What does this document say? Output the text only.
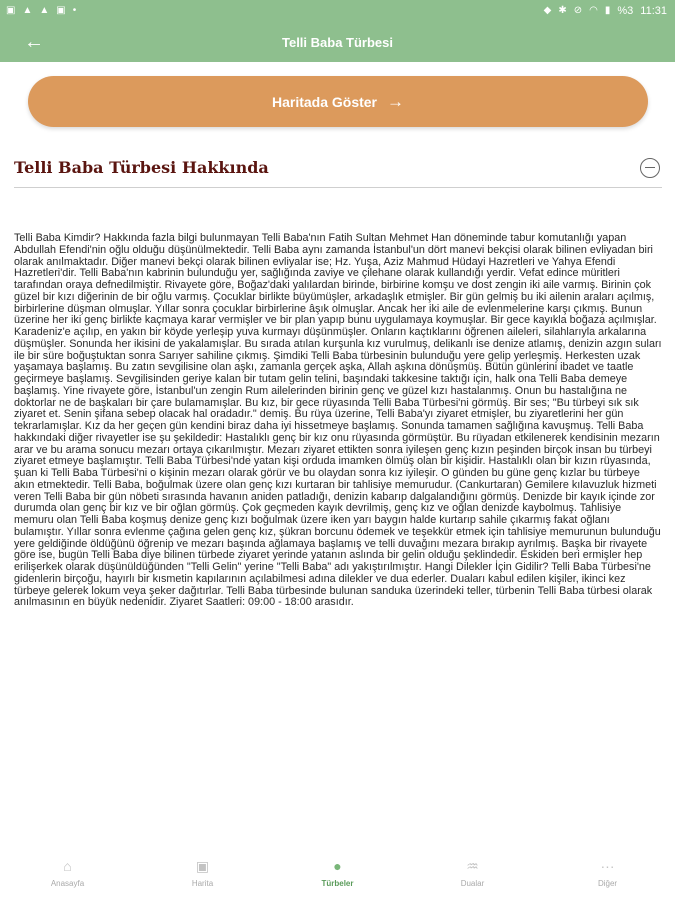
▣ ▲ ▲ ▣ •	◆ ✱ ⊘ ◠ ▮ %3 11:31
←	Telli Baba Türbesi
Haritada Göster →
Telli Baba Türbesi Hakkında
Telli Baba Kimdir? Hakkında fazla bilgi bulunmayan Telli Baba'nın Fatih Sultan Mehmet Han döneminde tabur komutanlığı yapan Abdullah Efendi'nin oğlu olduğu düşünülmektedir. Telli Baba aynı zamanda İstanbul'un dört manevi bekçisi olarak bilinen evliyadan biri olarak anılmaktadır. Diğer manevi bekçi olarak bilinen evliyalar ise; Hz. Yuşa, Aziz Mahmud Hüdayi Hazretleri ve Yahya Efendi Hazretleri'dir. Telli Baba'nın kabrinin bulunduğu yer, sağlığında zaviye ve çilehane olarak kullandığı yerdir. Vefat edince müritleri tarafından oraya defnedilmiştir. Rivayete göre, Boğaz'daki yalılardan birinde, birbirine komşu ve dost zengin iki aile varmış. Birinin çok güzel bir kızı diğerinin de bir oğlu varmış. Çocuklar birlikte büyümüşler, arkadaşlık etmişler. Bir gün gelmiş bu iki ailenin araları açılmış, birbirlerine düşman olmuşlar. Yıllar sonra çocuklar birbirlerine âşık olmuşlar. Ancak her iki aile de evlenmelerine karşı çıkmış. Bunun üzerine her iki genç birlikte kaçmaya karar vermişler ve bir plan yapıp bunu uygulamaya koymuşlar. Bir gece kayıkla boğaza açılmışlar. Karadeniz'e açılıp, en yakın bir köyde yerleşip yuva kurmayı düşünmüşler. Onların kaçtıklarını öğrenen aileleri, silahlarıyla arkalarına düşmüşler. Sonunda her ikisini de yakalamışlar. Bu sırada atılan kurşunla kız vurulmuş, delikanlı ise denize atlamış, denizin azgın suları ile bir süre boğuştuktan sonra Sarıyer sahiline çıkmış. Şimdiki Telli Baba türbesinin bulunduğu yere gelip yerleşmiş. Herkesten uzak yaşamaya başlamış. Bu zatın sevgilisine olan aşkı, zamanla gerçek aşka, Allah aşkına dönüşmüş. Bütün günlerini ibadet ve taatle geçirmeye başlamış. Sevgilisinden geriye kalan bir tutam gelin telini, başındaki takkesine taktığı için, halk ona Telli Baba demeye başlamış. Yine rivayete göre, İstanbul'un zengin Rum ailelerinden birinin genç ve güzel kızı hastalanmış. Onun bu hastalığına ne doktorlar ne de başkaları bir çare bulamamışlar. Bu kız, bir gece rüyasında Telli Baba Türbesi'ni görmüş. Bir ses; "Bu türbeyi sık sık ziyaret et. Senin şifana sebep olacak hal oradadır." demiş. Bu rüya üzerine, Telli Baba'yı ziyaret etmişler, bu ziyaretlerini her gün tekrarlamışlar. Kız da her geçen gün kendini biraz daha iyi hissetmeye başlamış. Sonunda tamamen sağlığına kavuşmuş. Telli Baba hakkındaki diğer rivayetler ise şu şekildedir: Hastalıklı genç bir kız onu rüyasında görmüştür. Bu rüyadan etkilenerek kendisinin mezarın arar ve bu arama sonucu mezarı ortaya çıkarılmıştır. Mezarı ziyaret ettikten sonra iyileşen genç kızın peşinden birçok insan bu türbeyi ziyaret etmeye başlamıştır. Telli Baba Türbesi'nde yatan kişi orduda imamken ölmüş olan bir kişidir. Hastalıklı olan bir kızın rüyasında, şuan ki Telli Baba Türbesi'ni o kişinin mezarı olarak görür ve bu olaydan sonra kız iyileşir. O günden bu güne genç kızlar bu türbeye akın etmektedir. Telli Baba, boğulmak üzere olan genç kızı kurtaran bir tahlisiye memurudur. (Cankurtaran) Gemilere kılavuzluk hizmeti veren Telli Baba bir gün nöbeti sırasında havanın aniden patladığı, denizin kabarıp dalgalandığını görmüş. Denizde bir kayık içinde zor durumda olan genç bir kız ve bir oğlan görmüş. Çok geçmeden kayık devrilmiş, genç kız ve oğlan denizde kaybolmuş. Tahlisiye memuru olan Telli Baba koşmuş denize genç kızı boğulmak üzere iken yarı baygın halde kurtarıp sahile çıkarmış fakat oğlanı bulamıştır. Yıllar sonra evlenme çağına gelen genç kız, şükran borcunu ödemek ve teşekkür etmek için tahlisiye memurunun bulunduğu yere geldiğinde öldüğünü öğrenip ve mezarı başında ağlamaya başlamış ve telli duvağını mezara bırakıp ayrılmış. Başka bir rivayete göre ise, bugün Telli Baba diye bilinen türbede ziyaret yerinde yatanın aslında bir gelin olduğu şeklindedir. Eskiden beri ermişler hep erilişerkek olarak düşünüldüğünden "Telli Gelin" yerine "Telli Baba" adı yakıştırılmıştır. Hangi Dilekler İçin Gidilir? Telli Baba Türbesi'ne gidenlerin birçoğu, hayırlı bir kısmetin kapılarının açılabilmesi adına dilekler ve dua ederler. Duaları kabul edilen kişiler, ikinci kez türbeye gelerek lokum veya şeker dağıtırlar. Telli Baba türbesinde bulunan sanduka üzerindeki teller, türbenin Telli Baba türbesi olarak anılmasının en büyük nedenidir. Ziyaret Saatleri: 09:00 - 18:00 arasıdır.
⌂
Anasayfa
▣
Harita
●
Türbeler
♒
Dualar
···
Diğer
